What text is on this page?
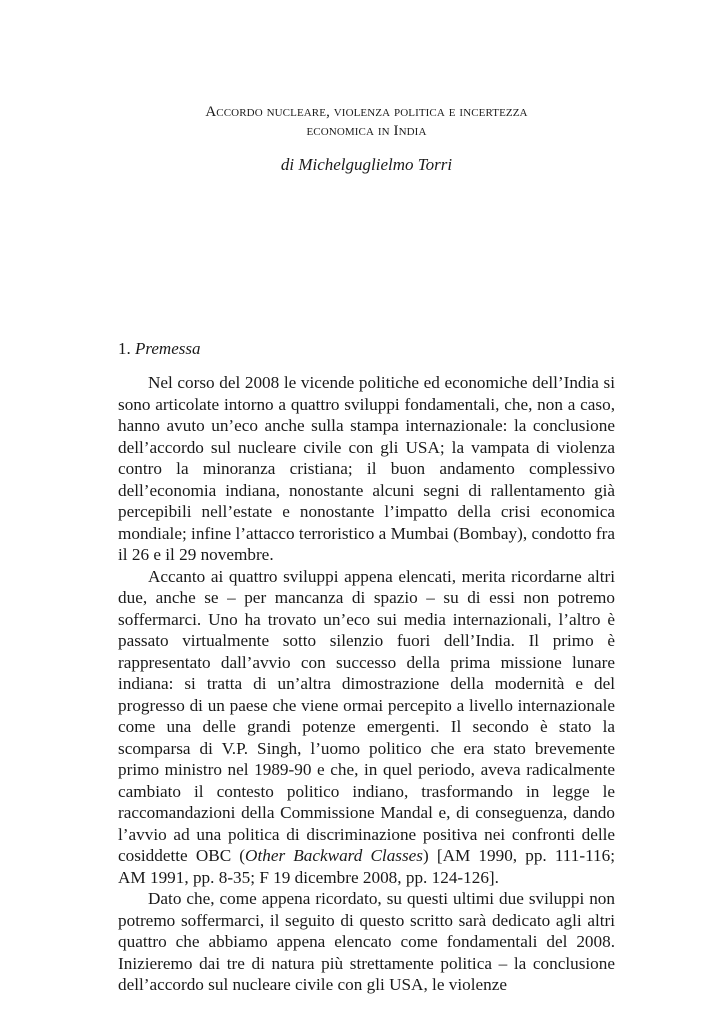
Accordo nucleare, violenza politica e incertezza
economica in India
di Michelguglielmo Torri
1. Premessa

Nel corso del 2008 le vicende politiche ed economiche dell’India si sono articolate intorno a quattro sviluppi fondamentali, che, non a caso, hanno avuto un’eco anche sulla stampa internazionale: la conclusione dell’accordo sul nucleare civile con gli USA; la vampata di violenza contro la minoranza cristiana; il buon andamento complessivo dell’economia indiana, nonostante alcuni segni di rallentamento già percepibili nell’estate e nonostante l’impatto della crisi economica mondiale; infine l’attacco terroristico a Mumbai (Bombay), condotto fra il 26 e il 29 novembre.

Accanto ai quattro sviluppi appena elencati, merita ricordarne altri due, anche se – per mancanza di spazio – su di essi non potremo soffermarci. Uno ha trovato un’eco sui media internazionali, l’altro è passato virtualmente sotto silenzio fuori dell’India. Il primo è rappresentato dall’avvio con successo della prima missione lunare indiana: si tratta di un’altra dimostrazione della modernità e del progresso di un paese che viene ormai percepito a livello internazionale come una delle grandi potenze emergenti. Il secondo è stato la scomparsa di V.P. Singh, l’uomo politico che era stato brevemente primo ministro nel 1989-90 e che, in quel periodo, aveva radicalmente cambiato il contesto politico indiano, trasformando in legge le raccomandazioni della Commissione Mandal e, di conseguenza, dando l’avvio ad una politica di discriminazione positiva nei confronti delle cosiddette OBC (Other Backward Classes) [AM 1990, pp. 111-116; AM 1991, pp. 8-35; F 19 dicembre 2008, pp. 124-126].

Dato che, come appena ricordato, su questi ultimi due sviluppi non potremo soffermarci, il seguito di questo scritto sarà dedicato agli altri quattro che abbiamo appena elencato come fondamentali del 2008. Inizieremo dai tre di natura più strettamente politica – la conclusione dell’accordo sul nucleare civile con gli USA, le violenze
